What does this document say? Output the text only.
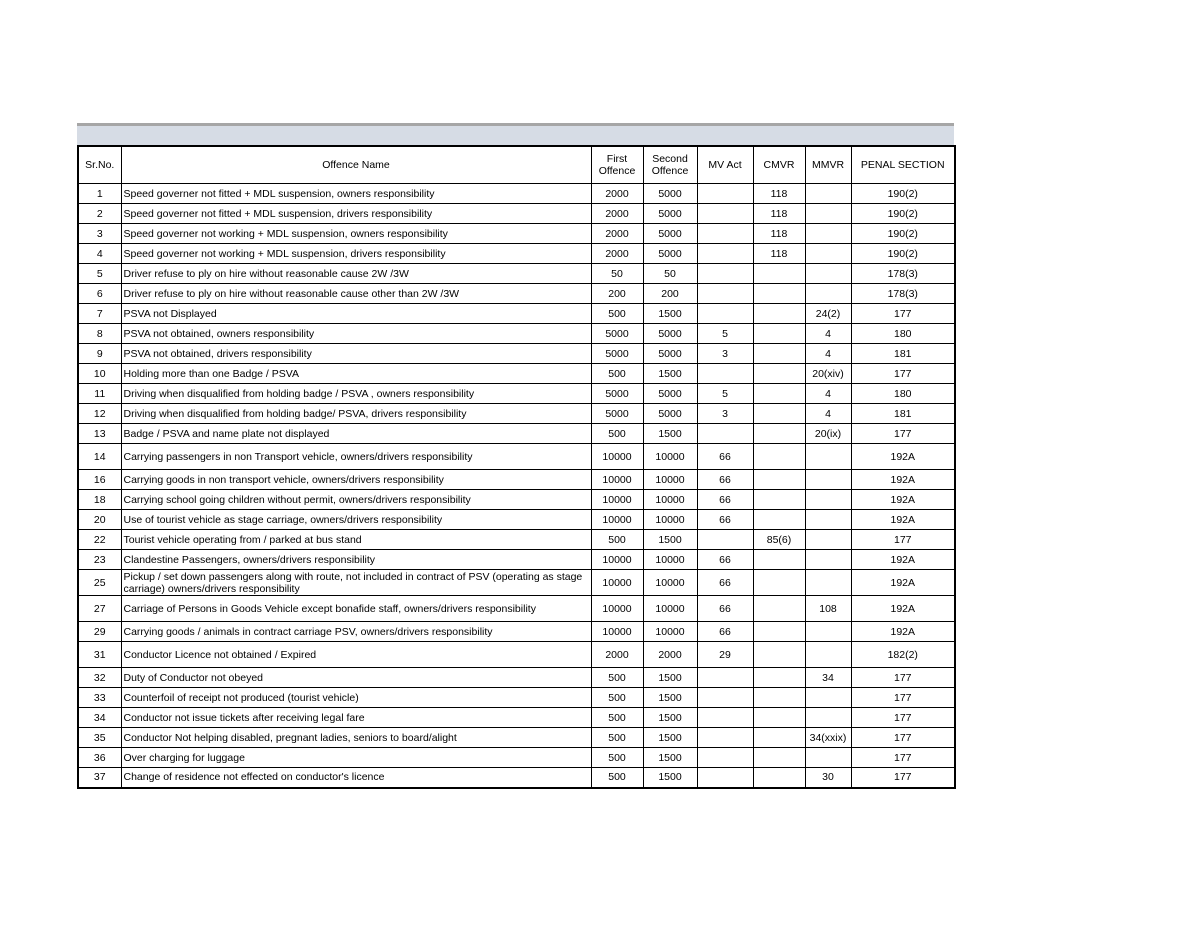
Sr.No.	Offence Name	First Offence	Second Offence	MV Act	CMVR	MMVR	PENAL SECTION
1	Speed governer not fitted + MDL suspension, owners responsibility	2000	5000		118		190(2)
2	Speed governer not fitted + MDL suspension, drivers responsibility	2000	5000		118		190(2)
3	Speed governer not working + MDL suspension, owners responsibility	2000	5000		118		190(2)
4	Speed governer not working + MDL suspension, drivers responsibility	2000	5000		118		190(2)
5	Driver refuse to ply on hire without reasonable cause 2W /3W	50	50				178(3)
6	Driver refuse to ply on hire without reasonable cause other than 2W /3W	200	200				178(3)
7	PSVA not Displayed	500	1500			24(2)	177
8	PSVA not obtained, owners responsibility	5000	5000	5		4	180
9	PSVA not obtained, drivers responsibility	5000	5000	3		4	181
10	Holding more than one Badge / PSVA	500	1500			20(xiv)	177
11	Driving when disqualified from holding badge / PSVA , owners responsibility	5000	5000	5		4	180
12	Driving when disqualified from holding badge/ PSVA, drivers responsibility	5000	5000	3		4	181
13	Badge / PSVA and name plate not displayed	500	1500			20(ix)	177
14	Carrying passengers in non Transport vehicle, owners/drivers responsibility	10000	10000	66			192A
16	Carrying goods in non transport vehicle, owners/drivers responsibility	10000	10000	66			192A
18	Carrying school going children without permit, owners/drivers responsibility	10000	10000	66			192A
20	Use of tourist vehicle as stage carriage, owners/drivers responsibility	10000	10000	66			192A
22	Tourist vehicle operating from / parked at bus stand	500	1500		85(6)		177
23	Clandestine Passengers, owners/drivers responsibility	10000	10000	66			192A
25	Pickup / set down passengers along with route, not included in contract of PSV (operating as stage carriage) owners/drivers responsibility	10000	10000	66			192A
27	Carriage of Persons in Goods Vehicle except bonafide staff, owners/drivers responsibility	10000	10000	66		108	192A
29	Carrying goods / animals in contract carriage PSV, owners/drivers responsibility	10000	10000	66			192A
31	Conductor Licence not obtained / Expired	2000	2000	29			182(2)
32	Duty of Conductor not obeyed	500	1500			34	177
33	Counterfoil of receipt not produced (tourist vehicle)	500	1500				177
34	Conductor not issue tickets after receiving legal fare	500	1500				177
35	Conductor Not helping disabled, pregnant ladies, seniors to board/alight	500	1500			34(xxix)	177
36	Over charging for luggage	500	1500				177
37	Change of residence not effected on conductor's licence	500	1500			30	177
